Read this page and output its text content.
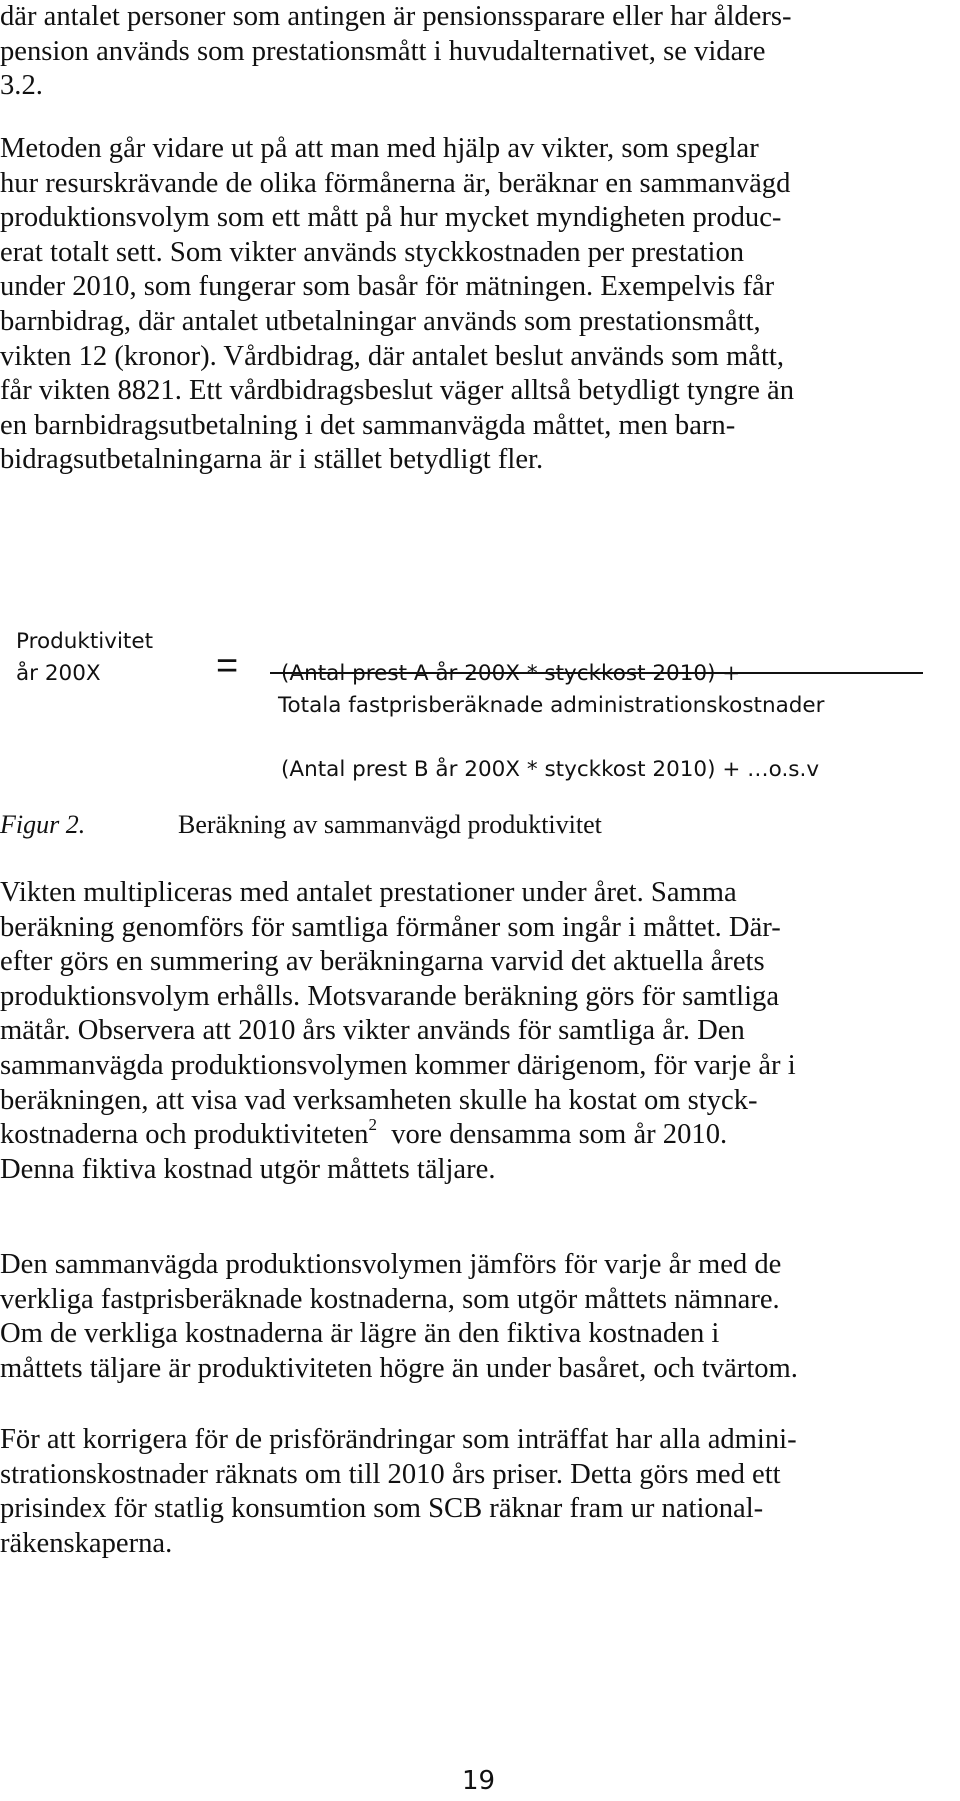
där antalet personer som antingen är pensionssparare eller har ålders-
pension används som prestationsmått i huvudalternativet, se vidare
3.2.
Metoden går vidare ut på att man med hjälp av vikter, som speglar
hur resurskrävande de olika förmånerna är, beräknar en sammanvägd
produktionsvolym som ett mått på hur mycket myndigheten produc-
erat totalt sett. Som vikter används styckkostnaden per prestation
under 2010, som fungerar som basår för mätningen. Exempelvis får
barnbidrag, där antalet utbetalningar används som prestationsmått,
vikten 12 (kronor). Vårdbidrag, där antalet beslut används som mått,
får vikten 8821. Ett vårdbidragsbeslut väger alltså betydligt tyngre än
en barnbidragsutbetalning i det sammanvägda måttet, men barn-
bidragsutbetalningarna är i stället betydligt fler.
Produktivitet
år 200X	=

(Antal prest A år 200X * styckkost 2010) +

(Antal prest B år 200X * styckkost 2010) + …o.s.v

Totala fastprisberäknade administrationskostnader
Figur 2.	Beräkning av sammanvägd produktivitet
Vikten multipliceras med antalet prestationer under året. Samma
beräkning genomförs för samtliga förmåner som ingår i måttet. Där-
efter görs en summering av beräkningarna varvid det aktuella årets
produktionsvolym erhålls. Motsvarande beräkning görs för samtliga
mätår. Observera att 2010 års vikter används för samtliga år. Den
sammanvägda produktionsvolymen kommer därigenom, för varje år i
beräkningen, att visa vad verksamheten skulle ha kostat om styck-
kostnaderna och produktiviteten$^2$  vore densamma som år 2010.
Denna fiktiva kostnad utgör måttets täljare.
Den sammanvägda produktionsvolymen jämförs för varje år med de
verkliga fastprisberäknade kostnaderna, som utgör måttets nämnare.
Om de verkliga kostnaderna är lägre än den fiktiva kostnaden i
måttets täljare är produktiviteten högre än under basåret, och tvärtom.
För att korrigera för de prisförändringar som inträffat har alla admini-
strationskostnader räknats om till 2010 års priser. Detta görs med ett
prisindex för statlig konsumtion som SCB räknar fram ur national-
räkenskaperna.
19
